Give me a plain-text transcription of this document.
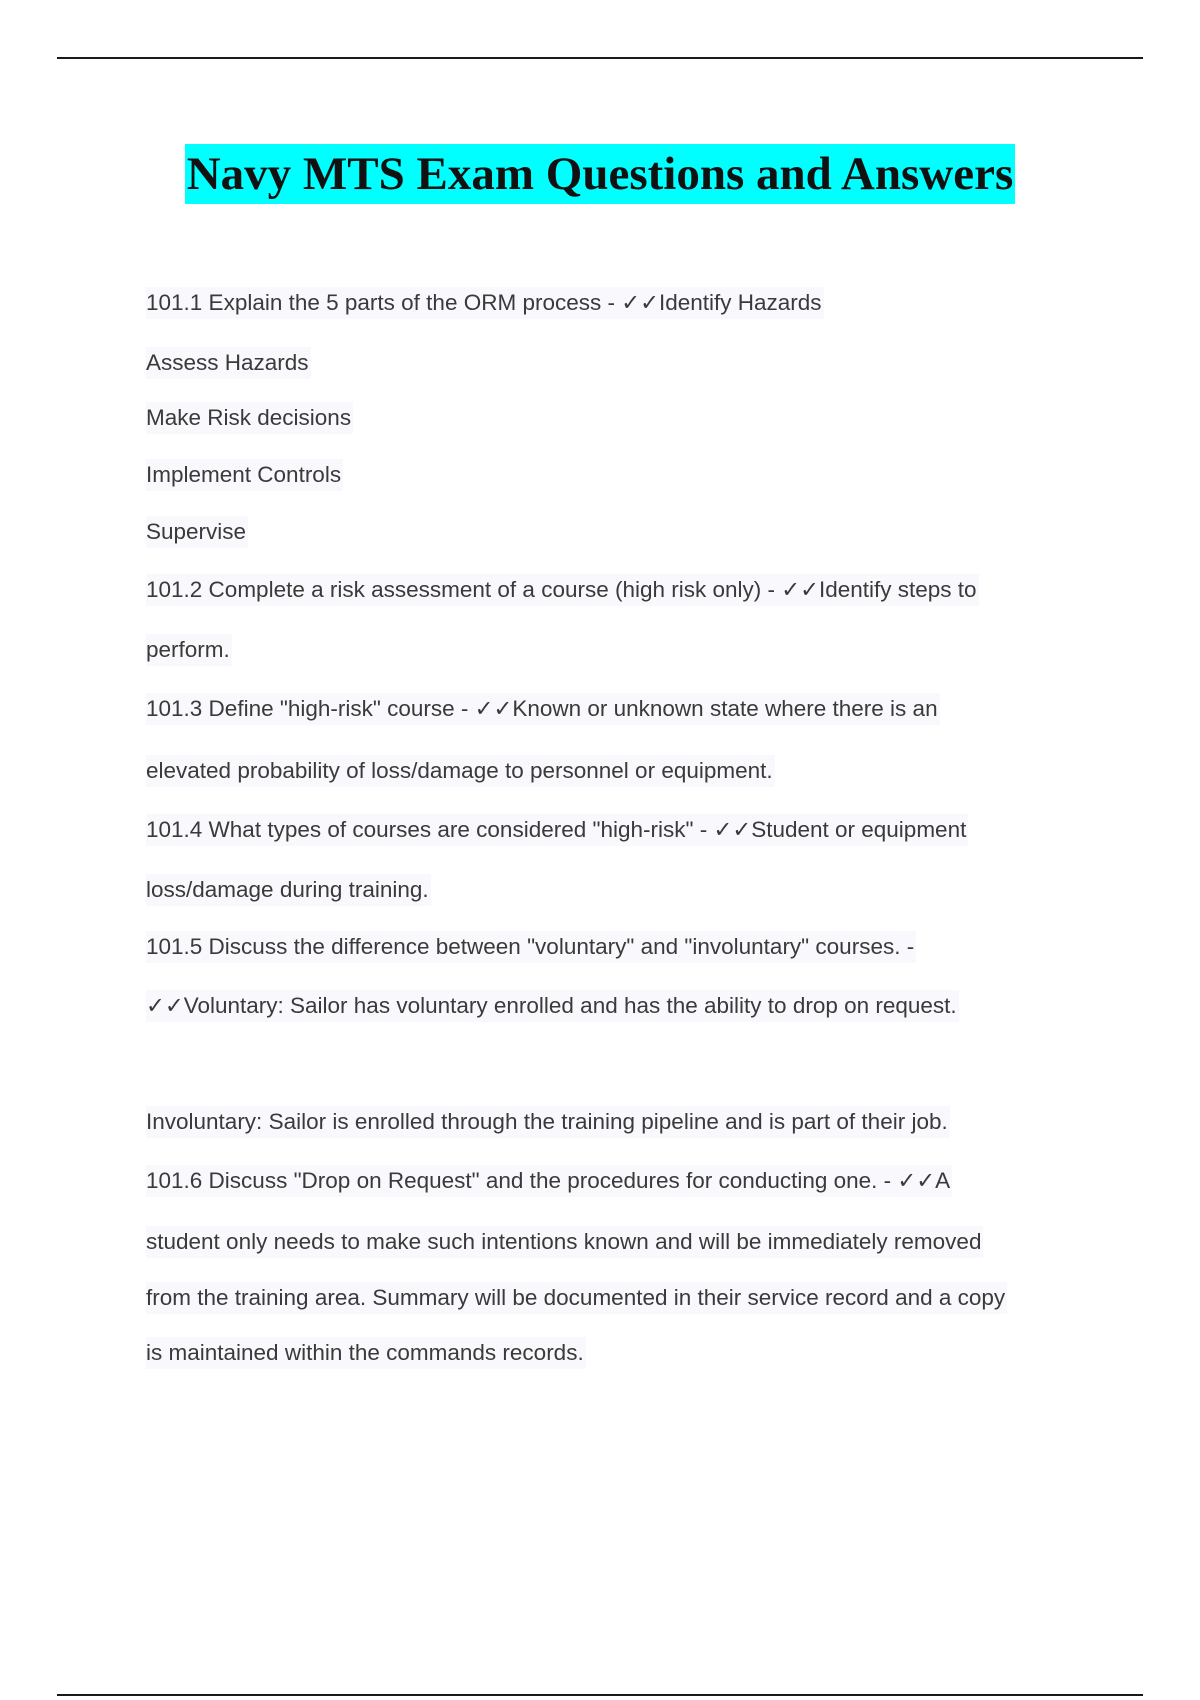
Navy MTS Exam Questions and Answers

101.1 Explain the 5 parts of the ORM process - ✓✓Identify Hazards

Assess Hazards

Make Risk decisions

Implement Controls

Supervise

101.2 Complete a risk assessment of a course (high risk only) - ✓✓Identify steps to

perform.

101.3 Define "high-risk" course - ✓✓Known or unknown state where there is an

elevated probability of loss/damage to personnel or equipment.

101.4 What types of courses are considered "high-risk" - ✓✓Student or equipment

loss/damage during training.

101.5 Discuss the difference between "voluntary" and "involuntary" courses. -

✓✓Voluntary: Sailor has voluntary enrolled and has the ability to drop on request.

Involuntary: Sailor is enrolled through the training pipeline and is part of their job.

101.6 Discuss "Drop on Request" and the procedures for conducting one. - ✓✓A

student only needs to make such intentions known and will be immediately removed

from the training area. Summary will be documented in their service record and a copy

is maintained within the commands records.
